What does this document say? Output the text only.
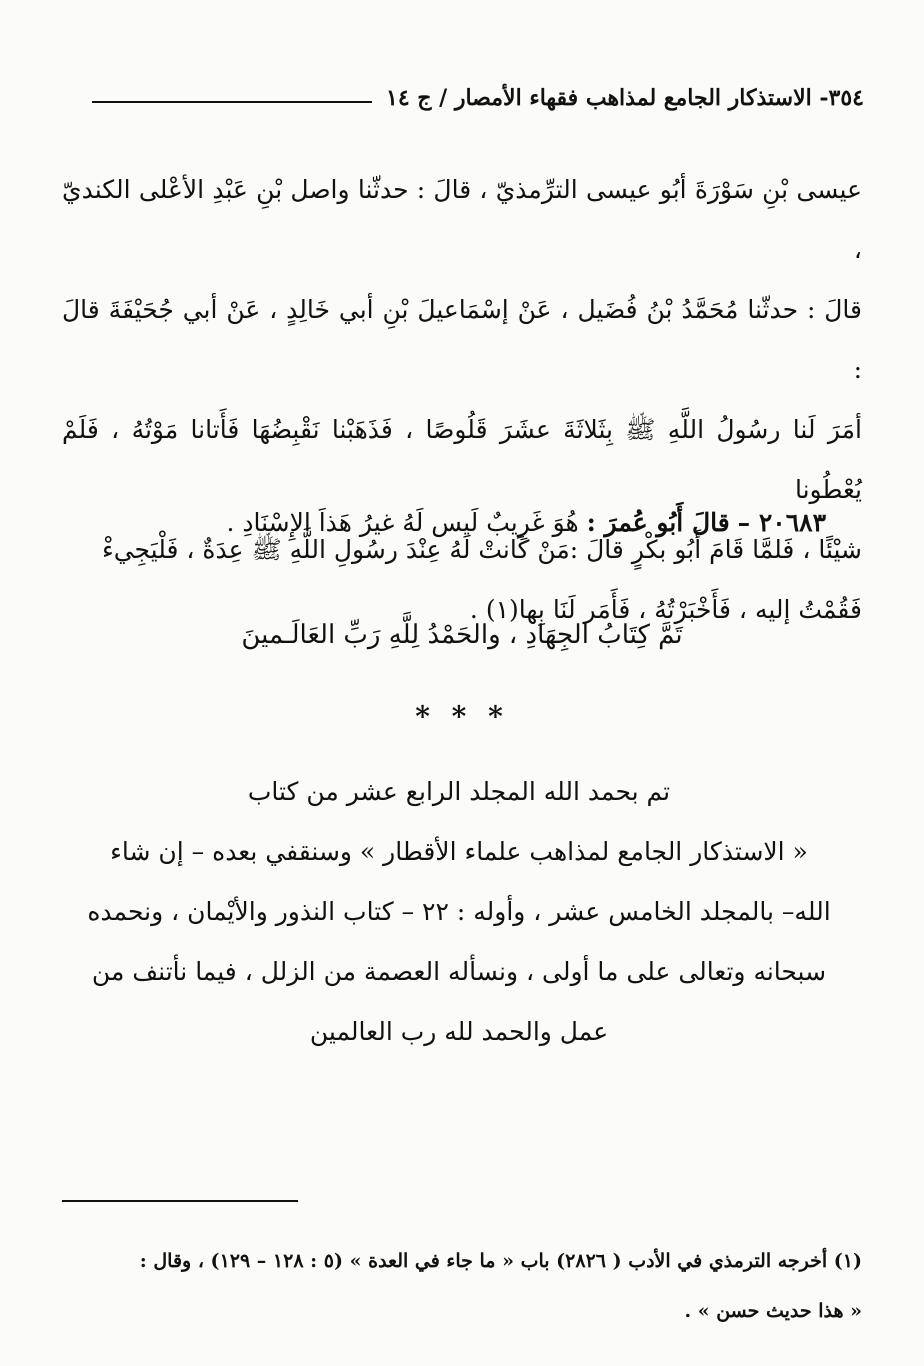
٣٥٤- الاستذكار الجامع لمذاهب فقهاء الأمصار / ج ١٤

عيسى بْنِ سَوْرَةَ أبُو عيسى الترِّمذيّ ، قالَ : حدثّنا واصل بْنِ عَبْدِ الأعْلى الكنديّ ،

قالَ : حدثّنا مُحَمَّدُ بْنُ فُضَيل ، عَنْ إسْمَاعيلَ بْنِ أبي خَالِدٍ ، عَنْ أبي جُحَيْفَةَ قالَ :

أمَرَ لَنا رسُولُ اللَّهِ ﷺ بِثَلاثَةَ عشَرَ قَلُوصًا ، فَذَهَبْنا نَقْبِضُهَا فَأَتانا مَوْتُهُ ، فَلَمْ يُعْطُونا

شيْئًا ، فَلمَّا قَامَ أَبُو بكْرٍ قالَ :مَنْ كَانتْ لَهُ عِنْدَ رسُولِ اللَّهِ ﷺ عِدَةٌ ، فَلْيَجِيءْ

فَقُمْتُ إليه ، فَأَخْبَرْتُهُ ، فَأَمَر لَنَا بِها(١) .

٢٠٦٨٣ – قالَ أَبُو عُمرَ : هُوَ غَرِيبٌ لَيس لَهُ غيرُ هَذاَ الإِسْنَادِ .
تَمَّ كِتَابُ الجِهَادِ ، والحَمْدُ لِلَّهِ رَبِّ العَالَـمينَ
* * *

تم بحمد الله المجلد الرابع عشر من كتاب

« الاستذكار الجامع لمذاهب علماء الأقطار » وسنقفي بعده – إن شاء

الله– بالمجلد الخامس عشر ، وأوله : ٢٢ – كتاب النذور والأيْمان ، ونحمده

سبحانه وتعالى على ما أولى ، ونسأله العصمة من الزلل ، فيما نأتنف من

عمل والحمد لله رب العالمين

(١) أخرجه الترمذي في الأدب ( ٢٨٢٦) باب « ما جاء في العدة » (٥ : ١٢٨ – ١٢٩) ، وقال :

« هذا حديث حسن » .
